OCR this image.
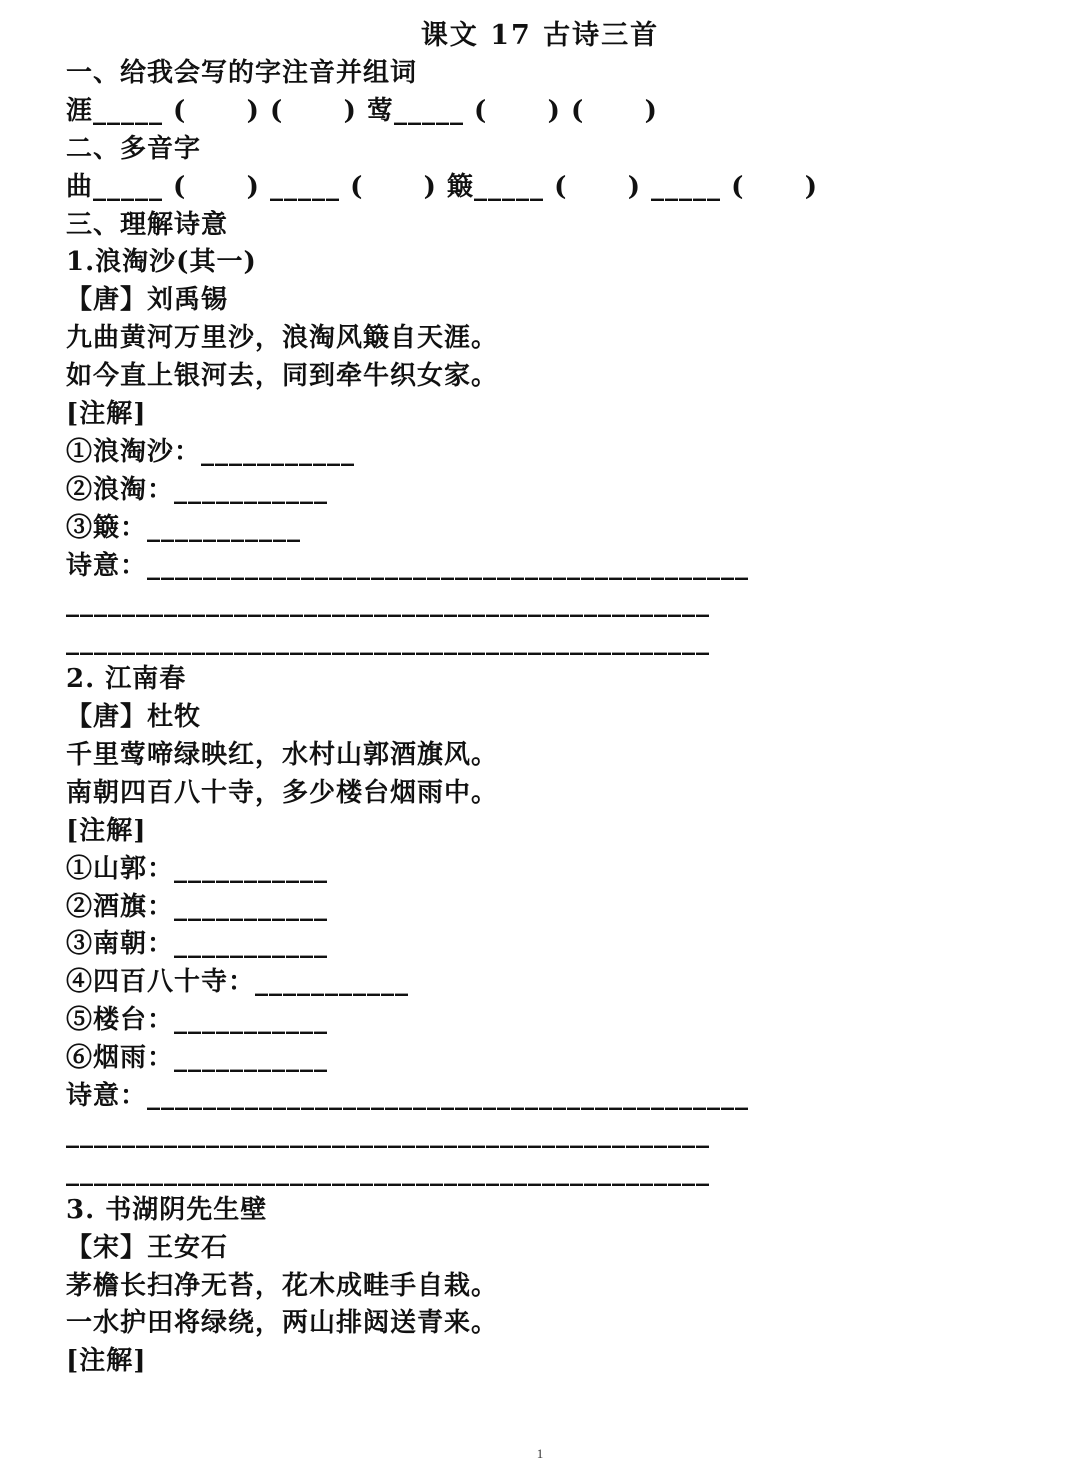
课文 17 古诗三首
一、给我会写的字注音并组词
涯_____ (      ) (      ) 莺_____ (      ) (      )
二、多音字
曲_____ (      ) _____ (      ) 簸_____ (      ) _____ (      )
三、理解诗意
1.浪淘沙(其一)
【唐】刘禹锡
九曲黄河万里沙，浪淘风簸自天涯。
如今直上银河去，同到牵牛织女家。
[注解]
①浪淘沙：___________
②浪淘：___________
③簸：___________
诗意：___________________________________________
______________________________________________
______________________________________________
2. 江南春
【唐】杜牧
千里莺啼绿映红，水村山郭酒旗风。
南朝四百八十寺，多少楼台烟雨中。
[注解]
①山郭：___________
②酒旗：___________
③南朝：___________
④四百八十寺：___________
⑤楼台：___________
⑥烟雨：___________
诗意：___________________________________________
______________________________________________
______________________________________________
3. 书湖阴先生壁
【宋】王安石
茅檐长扫净无苔，花木成畦手自栽。
一水护田将绿绕，两山排闼送青来。
[注解]
1
